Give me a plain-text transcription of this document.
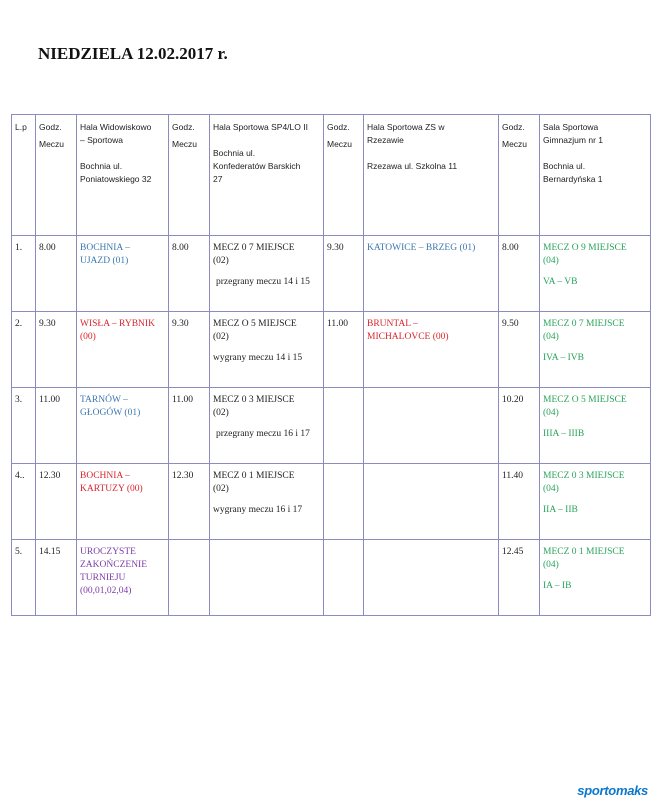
NIEDZIELA 12.02.2017 r.
L.p	Godz.
Meczu	Hala Widowiskowo
– Sportowa
Bochnia ul.
Poniatowskiego 32	Godz.
Meczu	Hala Sportowa SP4/LO II
Bochnia ul.
Konfederatów Barskich
27	Godz.
Meczu	Hala Sportowa ZS w
Rzezawie
Rzezawa ul. Szkolna 11	Godz.
Meczu	Sala Sportowa
Gimnazjum nr 1
Bochnia ul.
Bernardyńska 1

1.	8.00	BOCHNIA –
UJAZD (01)	8.00	MECZ 0 7 MIEJSCE
(02)
przegrany meczu 14 i 15	9.30	KATOWICE – BRZEG (01)	8.00	MECZ O 9 MIEJSCE
(04)
VA – VB

2.	9.30	WISŁA – RYBNIK
(00)	9.30	MECZ O 5 MIEJSCE
(02)
wygrany meczu 14 i 15	11.00	BRUNTAL –
MICHALOVCE (00)	9.50	MECZ 0 7 MIEJSCE
(04)
IVA – IVB

3.	11.00	TARNÓW –
GŁOGÓW (01)	11.00	MECZ 0 3 MIEJSCE
(02)
przegrany meczu 16 i 17			10.20	MECZ O 5 MIEJSCE
(04)
IIIA – IIIB

4..	12.30	BOCHNIA –
KARTUZY (00)	12.30	MECZ 0 1 MIEJSCE
(02)
wygrany meczu 16 i 17			11.40	MECZ 0 3 MIEJSCE
(04)
IIA – IIB

5.	14.15	UROCZYSTE
ZAKOŃCZENIE
TURNIEJU
(00,01,02,04)					12.45	MECZ 0 1 MIEJSCE
(04)
IA – IB
sportomaks
